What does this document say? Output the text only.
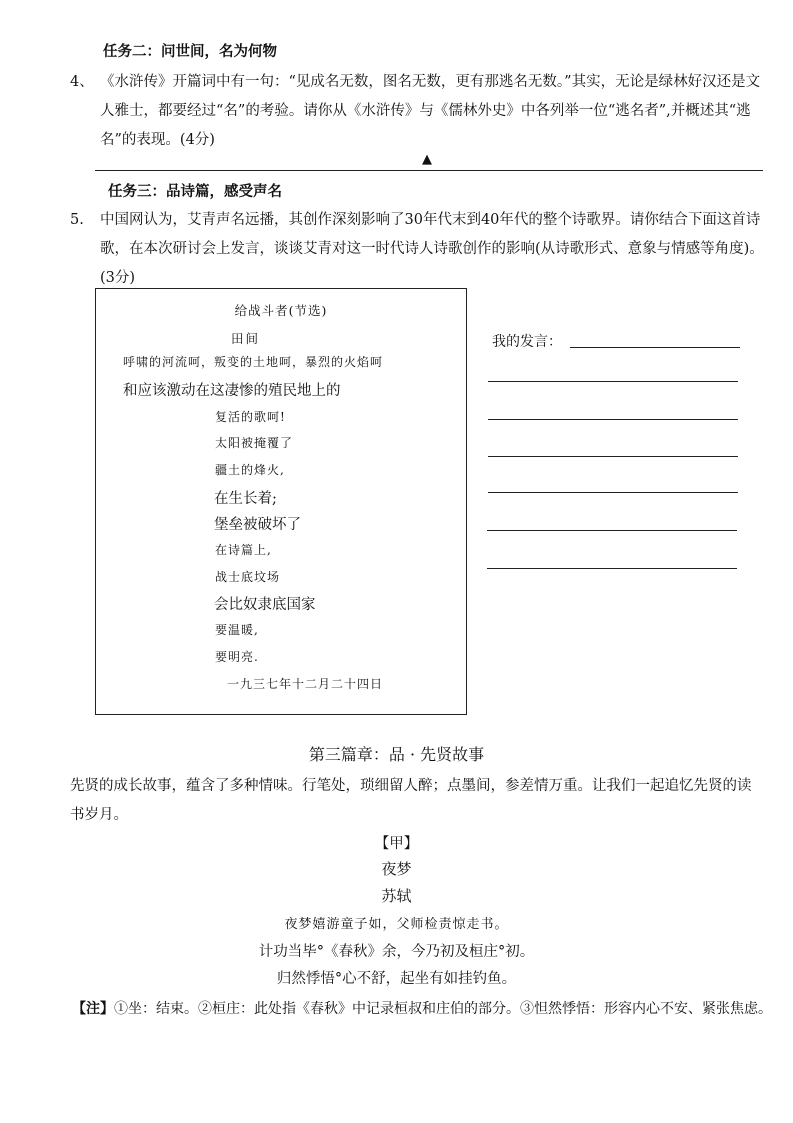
任务二：问世间，名为何物
4、 《水浒传》开篇词中有一句：“见成名无数，图名无数，更有那逃名无数。”其实，无论是绿林好汉还是文人雅士，都要经过“名”的考验。请你从《水浒传》与《儒林外史》中各列举一位“逃名者”,并概述其“逃名”的表现。(4分)
▲
任务三：品诗篇，感受声名
5.	中国网认为，艾青声名远播，其创作深刻影响了30年代末到40年代的整个诗歌界。请你结合下面这首诗歌，在本次研讨会上发言，谈谈艾青对这一时代诗人诗歌创作的影响(从诗歌形式、意象与情感等角度)。(3分)
给战斗者(节选)
田间
呼啸的河流呵，叛变的土地呵，暴烈的火焰呵
和应该激动在这凄惨的殖民地上的
复活的歌呵!
太阳被掩覆了
疆土的烽火,
在生长着;
堡垒被破坏了
在诗篇上,
战士底坟场
会比奴隶底国家
要温暖,
要明亮.
一九三七年十二月二十四日
我的发言：
第三篇章：品 · 先贤故事
先贤的成长故事，蕴含了多种情味。行笔处，琐细留人醉；点墨间，参差情万重。让我们一起追忆先贤的读书岁月。
【甲】
夜梦
苏轼
夜梦嬉游童子如，父师检责惊走书。
计功当毕°《春秋》余，今乃初及桓庄°初。
归然悸悟°心不舒，起坐有如挂钓鱼。
【注】①坐：结束。②桓庄：此处指《春秋》中记录桓叔和庄伯的部分。③怛然悸悟：形容内心不安、紧张焦虑。
